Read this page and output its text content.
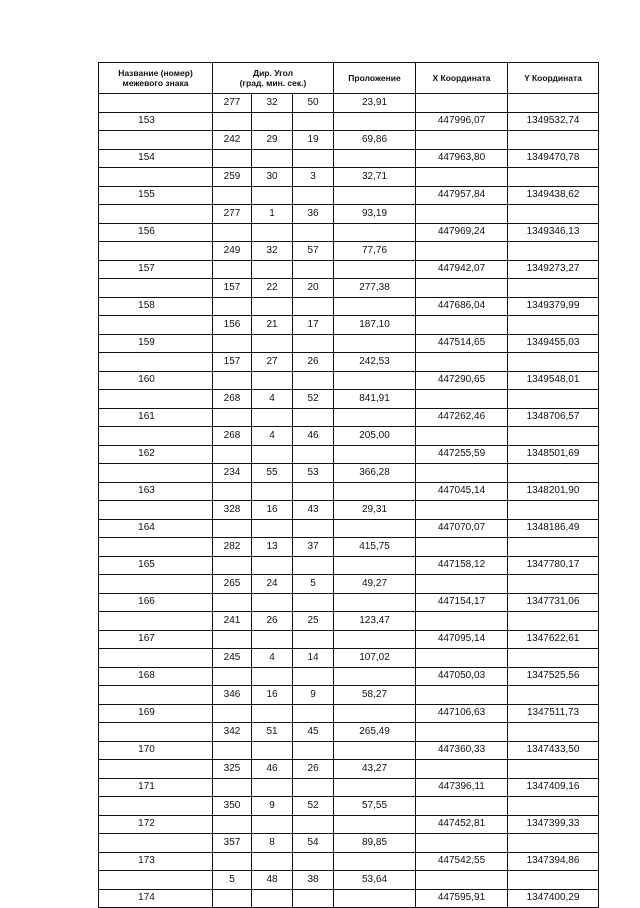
Название (номер)
межевого знака	Дир. Угол
(град. мин. сек.)			Проложение	X Координата	Y Координата
	277	32	50	23,91		
153					447996,07	1349532,74
	242	29	19	69,86		
154					447963,80	1349470,78
	259	30	3	32,71		
155					447957,84	1349438,62
	277	1	36	93,19		
156					447969,24	1349346,13
	249	32	57	77,76		
157					447942,07	1349273,27
	157	22	20	277,38		
158					447686,04	1349379,99
	156	21	17	187,10		
159					447514,65	1349455,03
	157	27	26	242,53		
160					447290,65	1349548,01
	268	4	52	841,91		
161					447262,46	1348706,57
	268	4	46	205,00		
162					447255,59	1348501,69
	234	55	53	366,28		
163					447045,14	1348201,90
	328	16	43	29,31		
164					447070,07	1348186,49
	282	13	37	415,75		
165					447158,12	1347780,17
	265	24	5	49,27		
166					447154,17	1347731,06
	241	26	25	123,47		
167					447095,14	1347622,61
	245	4	14	107,02		
168					447050,03	1347525,56
	346	16	9	58,27		
169					447106,63	1347511,73
	342	51	45	265,49		
170					447360,33	1347433,50
	325	46	26	43,27		
171					447396,11	1347409,16
	350	9	52	57,55		
172					447452,81	1347399,33
	357	8	54	89,85		
173					447542,55	1347394,86
	5	48	38	53,64		
174					447595,91	1347400,29
